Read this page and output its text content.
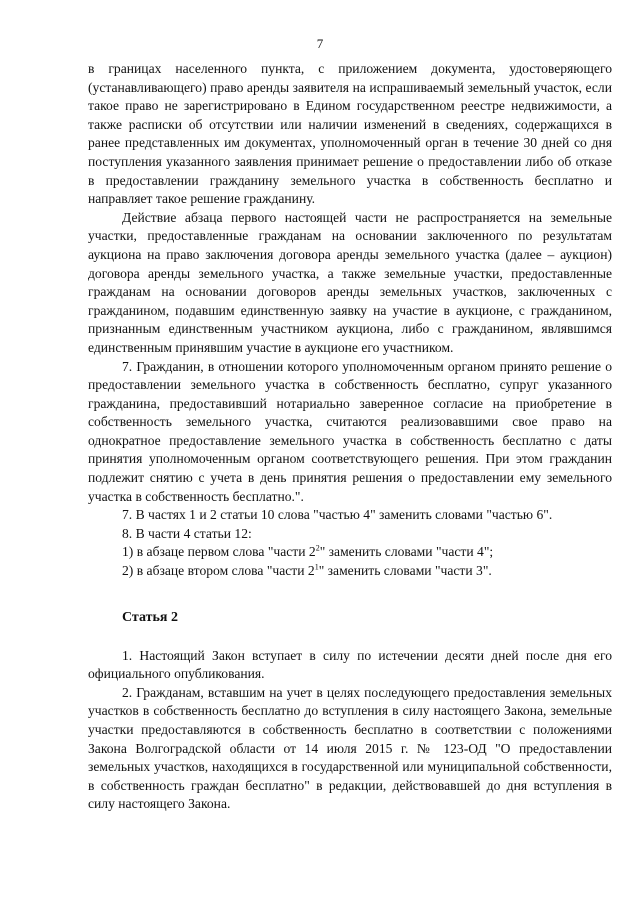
7

в границах населенного пункта, с приложением документа, удостоверяющего (устанавливающего) право аренды заявителя на испрашиваемый земельный участок, если такое право не зарегистрировано в Едином государственном реестре недвижимости, а также расписки об отсутствии или наличии изменений в сведениях, содержащихся в ранее представленных им документах, уполномоченный орган в течение 30 дней со дня поступления указанного заявления принимает решение о предоставлении либо об отказе в предоставлении гражданину земельного участка в собственность бесплатно и направляет такое решение гражданину.

Действие абзаца первого настоящей части не распространяется на земельные участки, предоставленные гражданам на основании заключенного по результатам аукциона на право заключения договора аренды земельного участка (далее – аукцион) договора аренды земельного участка, а также земельные участки, предоставленные гражданам на основании договоров аренды земельных участков, заключенных с гражданином, подавшим единственную заявку на участие в аукционе, с гражданином, признанным единственным участником аукциона, либо с гражданином, являвшимся единственным принявшим участие в аукционе его участником.

7. Гражданин, в отношении которого уполномоченным органом принято решение о предоставлении земельного участка в собственность бесплатно, супруг указанного гражданина, предоставивший нотариально заверенное согласие на приобретение в собственность земельного участка, считаются реализовавшими свое право на однократное предоставление земельного участка в собственность бесплатно с даты принятия уполномоченным органом соответствующего решения. При этом гражданин подлежит снятию с учета в день принятия решения о предоставлении ему земельного участка в собственность бесплатно.".

7. В частях 1 и 2 статьи 10 слова "частью 4" заменить словами "частью 6".

8. В части 4 статьи 12:

1) в абзаце первом слова "части $2^2$" заменить словами "части 4";

2) в абзаце втором слова "части $2^1$" заменить словами "части 3".

Статья 2

1. Настоящий Закон вступает в силу по истечении десяти дней после дня его официального опубликования.

2. Гражданам, вставшим на учет в целях последующего предоставления земельных участков в собственность бесплатно до вступления в силу настоящего Закона, земельные участки предоставляются в собственность бесплатно в соответствии с положениями Закона Волгоградской области от 14 июля 2015 г. № 123-ОД "О предоставлении земельных участков, находящихся в государственной или муниципальной собственности, в собственность граждан бесплатно" в редакции, действовавшей до дня вступления в силу настоящего Закона.
